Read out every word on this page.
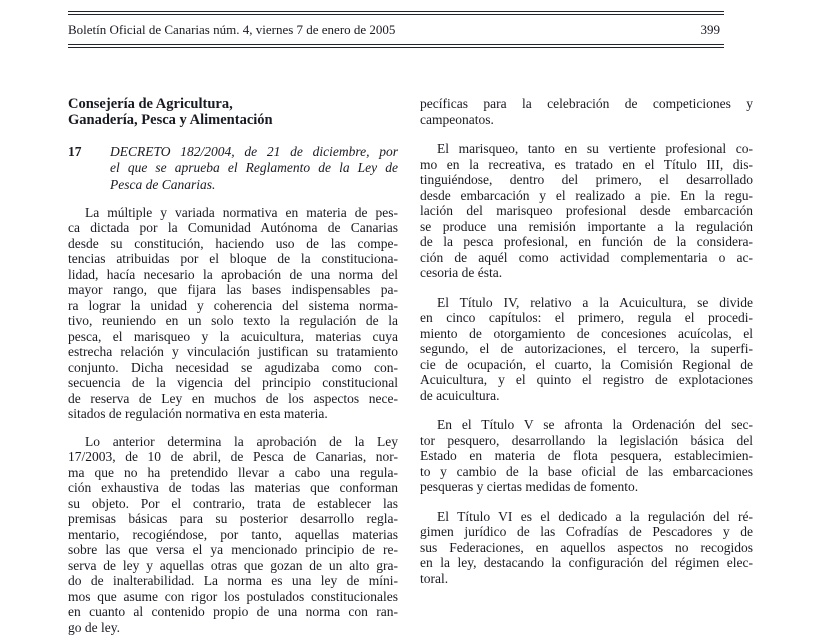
Boletín Oficial de Canarias núm. 4, viernes 7 de enero de 2005	399
Consejería de Agricultura,
Ganadería, Pesca y Alimentación
17 DECRETO 182/2004, de 21 de diciembre, por
el que se aprueba el Reglamento de la Ley de
Pesca de Canarias.
La múltiple y variada normativa en materia de pes-
ca dictada por la Comunidad Autónoma de Canarias
desde su constitución, haciendo uso de las compe-
tencias atribuidas por el bloque de la constituciona-
lidad, hacía necesario la aprobación de una norma del
mayor rango, que fijara las bases indispensables pa-
ra lograr la unidad y coherencia del sistema norma-
tivo, reuniendo en un solo texto la regulación de la
pesca, el marisqueo y la acuicultura, materias cuya
estrecha relación y vinculación justifican su tratamiento
conjunto. Dicha necesidad se agudizaba como con-
secuencia de la vigencia del principio constitucional
de reserva de Ley en muchos de los aspectos nece-
sitados de regulación normativa en esta materia.
Lo anterior determina la aprobación de la Ley
17/2003, de 10 de abril, de Pesca de Canarias, nor-
ma que no ha pretendido llevar a cabo una regula-
ción exhaustiva de todas las materias que conforman
su objeto. Por el contrario, trata de establecer las
premisas básicas para su posterior desarrollo regla-
mentario, recogiéndose, por tanto, aquellas materias
sobre las que versa el ya mencionado principio de re-
serva de ley y aquellas otras que gozan de un alto gra-
do de inalterabilidad. La norma es una ley de míni-
mos que asume con rigor los postulados constitucionales
en cuanto al contenido propio de una norma con ran-
go de ley.
pecíficas para la celebración de competiciones y
campeonatos.
El marisqueo, tanto en su vertiente profesional co-
mo en la recreativa, es tratado en el Título III, dis-
tinguiéndose, dentro del primero, el desarrollado
desde embarcación y el realizado a pie. En la regu-
lación del marisqueo profesional desde embarcación
se produce una remisión importante a la regulación
de la pesca profesional, en función de la considera-
ción de aquél como actividad complementaria o ac-
cesoria de ésta.
El Título IV, relativo a la Acuicultura, se divide
en cinco capítulos: el primero, regula el procedi-
miento de otorgamiento de concesiones acuícolas, el
segundo, el de autorizaciones, el tercero, la superfi-
cie de ocupación, el cuarto, la Comisión Regional de
Acuicultura, y el quinto el registro de explotaciones
de acuicultura.
En el Título V se afronta la Ordenación del sec-
tor pesquero, desarrollando la legislación básica del
Estado en materia de flota pesquera, establecimien-
to y cambio de la base oficial de las embarcaciones
pesqueras y ciertas medidas de fomento.
El Título VI es el dedicado a la regulación del ré-
gimen jurídico de las Cofradías de Pescadores y de
sus Federaciones, en aquellos aspectos no recogidos
en la ley, destacando la configuración del régimen elec-
toral.
